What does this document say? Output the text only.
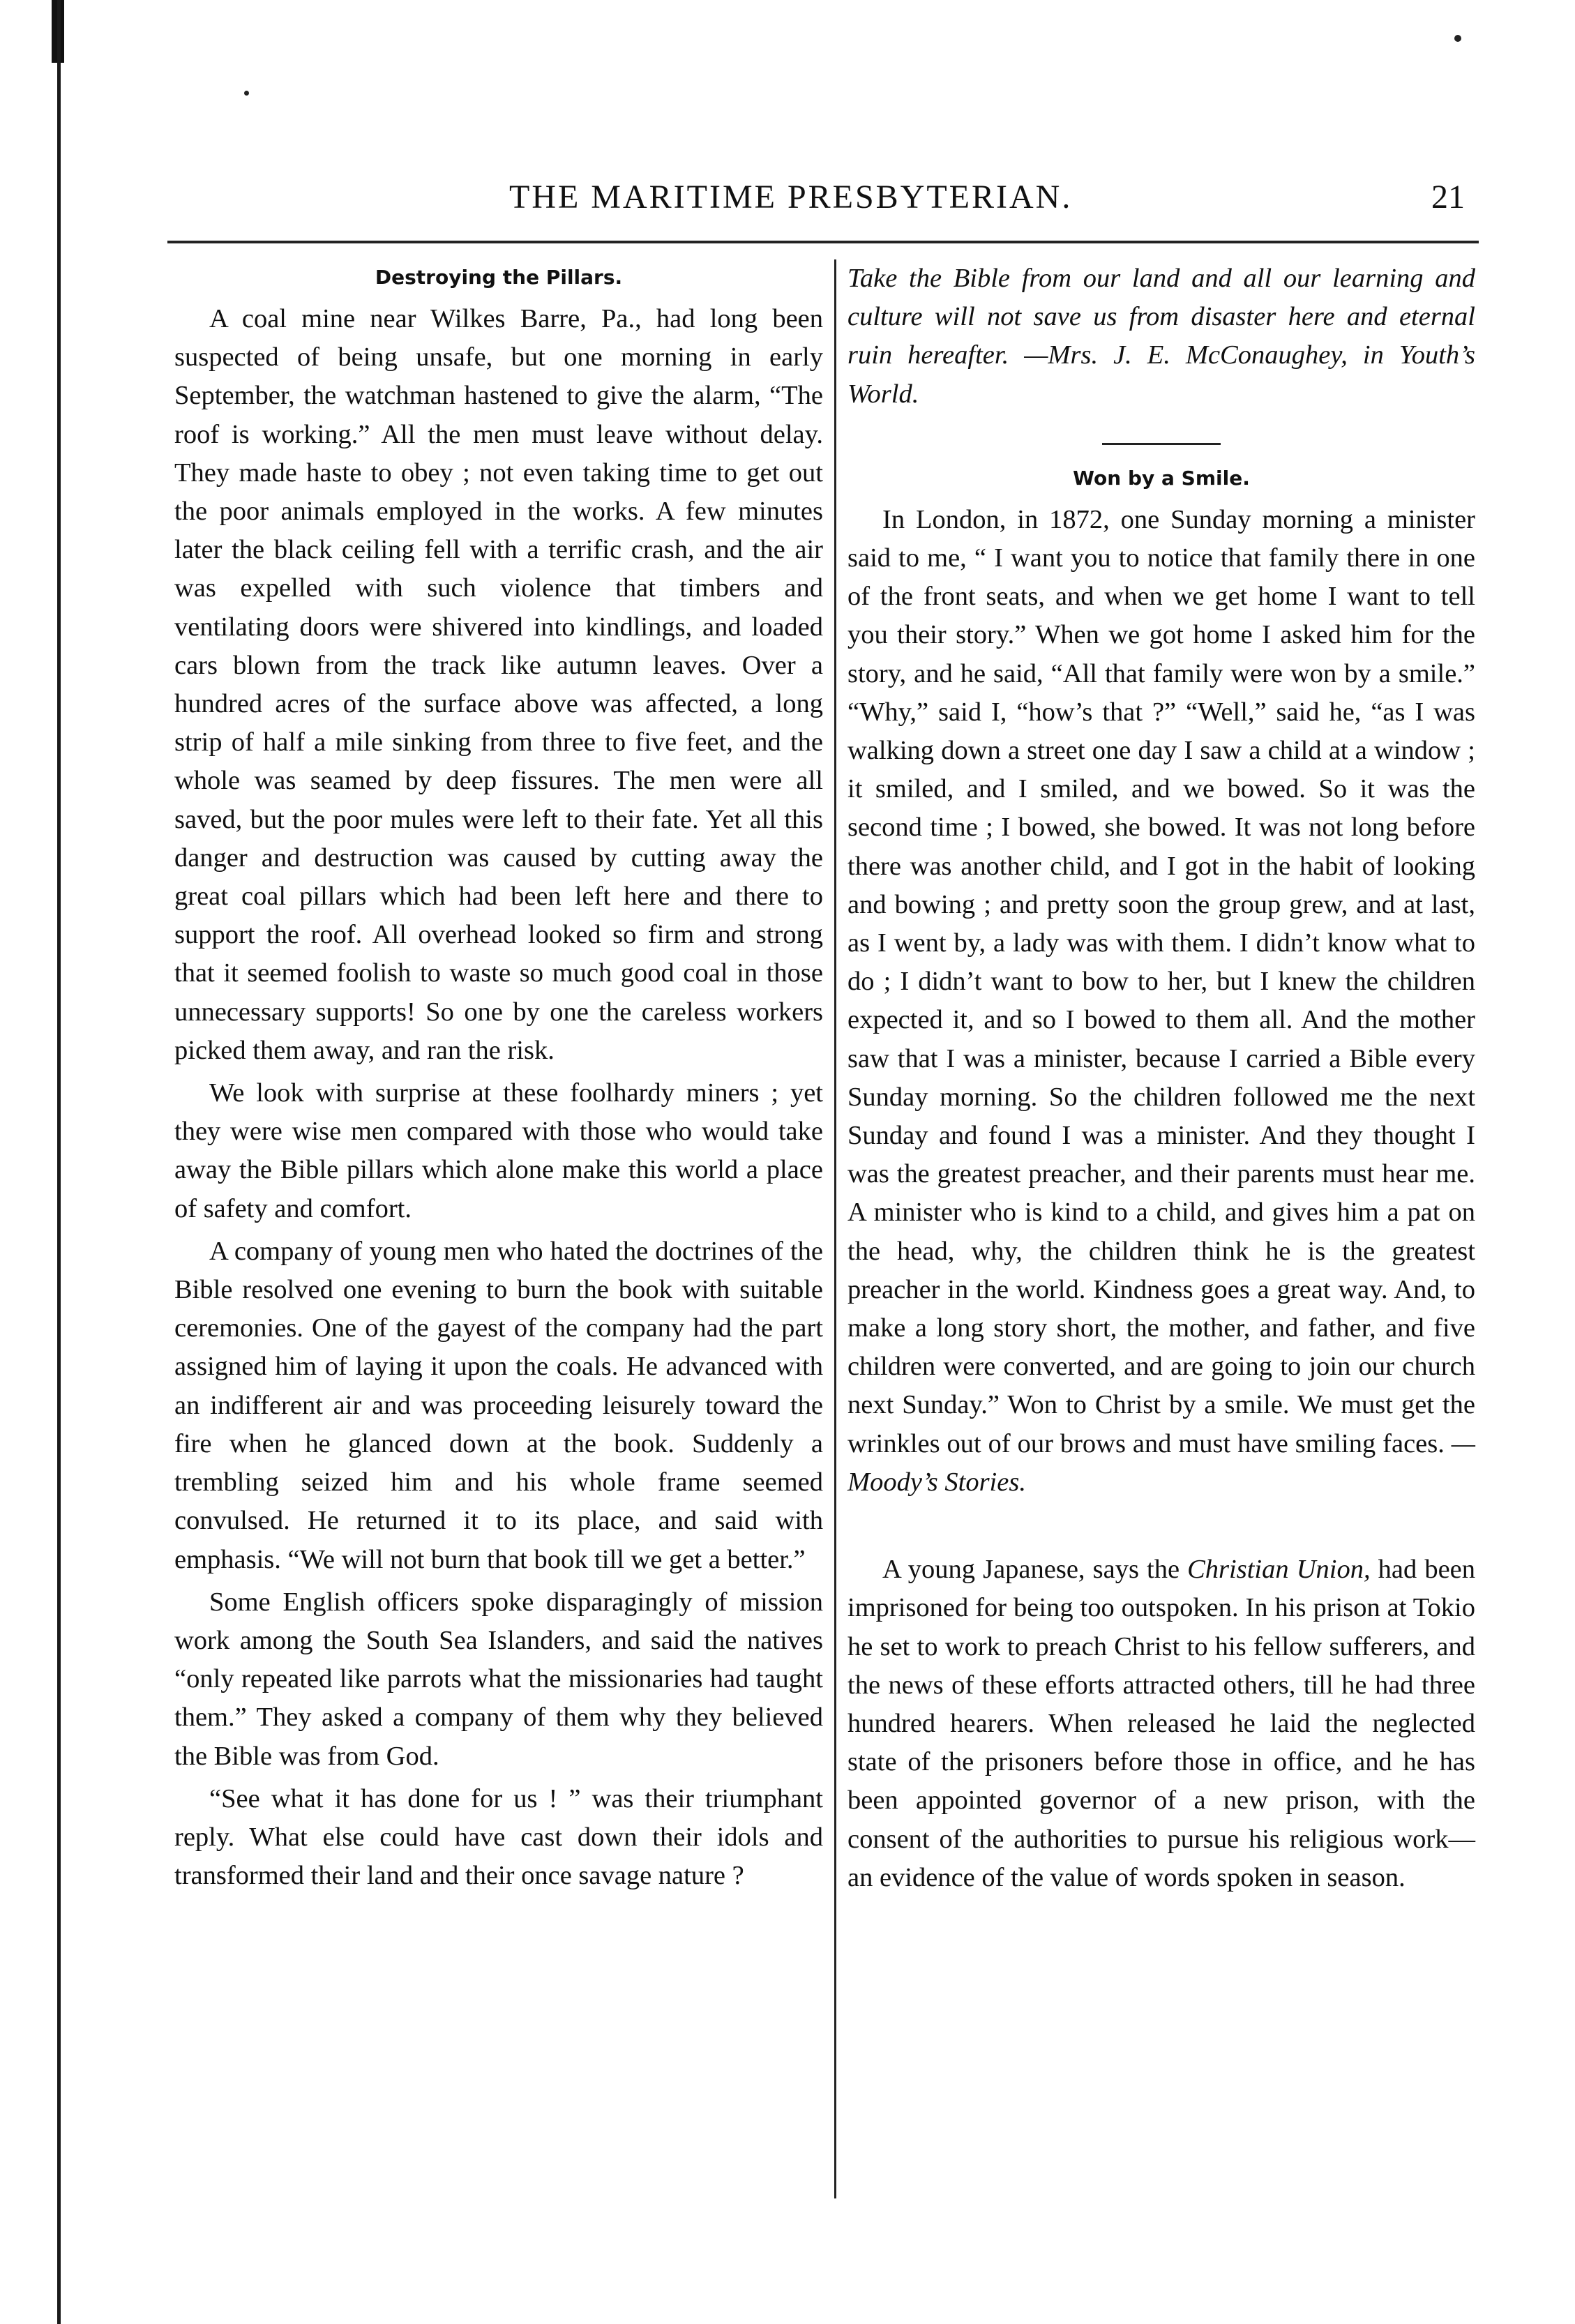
THE MARITIME PRESBYTERIAN.	21
Destroying the Pillars.

A coal mine near Wilkes Barre, Pa., had long been suspected of being unsafe, but one morning in early September, the watchman hastened to give the alarm, “The roof is working.” All the men must leave without delay. They made haste to obey ; not even taking time to get out the poor animals employed in the works. A few minutes later the black ceiling fell with a terrific crash, and the air was expelled with such violence that timbers and ventilating doors were shivered into kindlings, and loaded cars blown from the track like autumn leaves. Over a hundred acres of the surface above was affected, a long strip of half a mile sinking from three to five feet, and the whole was seamed by deep fissures. The men were all saved, but the poor mules were left to their fate. Yet all this danger and destruction was caused by cutting away the great coal pillars which had been left here and there to support the roof. All overhead looked so firm and strong that it seemed foolish to waste so much good coal in those unnecessary supports! So one by one the careless workers picked them away, and ran the risk.

We look with surprise at these foolhardy miners ; yet they were wise men compared with those who would take away the Bible pillars which alone make this world a place of safety and comfort.

A company of young men who hated the doctrines of the Bible resolved one evening to burn the book with suitable ceremonies. One of the gayest of the company had the part assigned him of laying it upon the coals. He advanced with an indifferent air and was proceeding leisurely toward the fire when he glanced down at the book. Suddenly a trembling seized him and his whole frame seemed convulsed. He returned it to its place, and said with emphasis. “We will not burn that book till we get a better.”

Some English officers spoke disparagingly of mission work among the South Sea Islanders, and said the natives “only repeated like parrots what the missionaries had taught them.” They asked a company of them why they believed the Bible was from God.

“See what it has done for us ! ” was their triumphant reply. What else could have cast down their idols and transformed their land and their once savage nature ?

Take the Bible from our land and all our learning and culture will not save us from disaster here and eternal ruin hereafter. —Mrs. J. E. McConaughey, in Youth’s World.

Won by a Smile.

In London, in 1872, one Sunday morning a minister said to me, “ I want you to notice that family there in one of the front seats, and when we get home I want to tell you their story.” When we got home I asked him for the story, and he said, “All that family were won by a smile.” “Why,” said I, “how’s that ?” “Well,” said he, “as I was walking down a street one day I saw a child at a window ; it smiled, and I smiled, and we bowed. So it was the second time ; I bowed, she bowed. It was not long before there was another child, and I got in the habit of looking and bowing ; and pretty soon the group grew, and at last, as I went by, a lady was with them. I didn’t know what to do ; I didn’t want to bow to her, but I knew the children expected it, and so I bowed to them all. And the mother saw that I was a minister, because I carried a Bible every Sunday morning. So the children followed me the next Sunday and found I was a minister. And they thought I was the greatest preacher, and their parents must hear me. A minister who is kind to a child, and gives him a pat on the head, why, the children think he is the greatest preacher in the world. Kindness goes a great way. And, to make a long story short, the mother, and father, and five children were converted, and are going to join our church next Sunday.” Won to Christ by a smile. We must get the wrinkles out of our brows and must have smiling faces. —Moody’s Stories.

A young Japanese, says the Christian Union, had been imprisoned for being too outspoken. In his prison at Tokio he set to work to preach Christ to his fellow sufferers, and the news of these efforts attracted others, till he had three hundred hearers. When released he laid the neglected state of the prisoners before those in office, and he has been appointed governor of a new prison, with the consent of the authorities to pursue his religious work—an evidence of the value of words spoken in season.
